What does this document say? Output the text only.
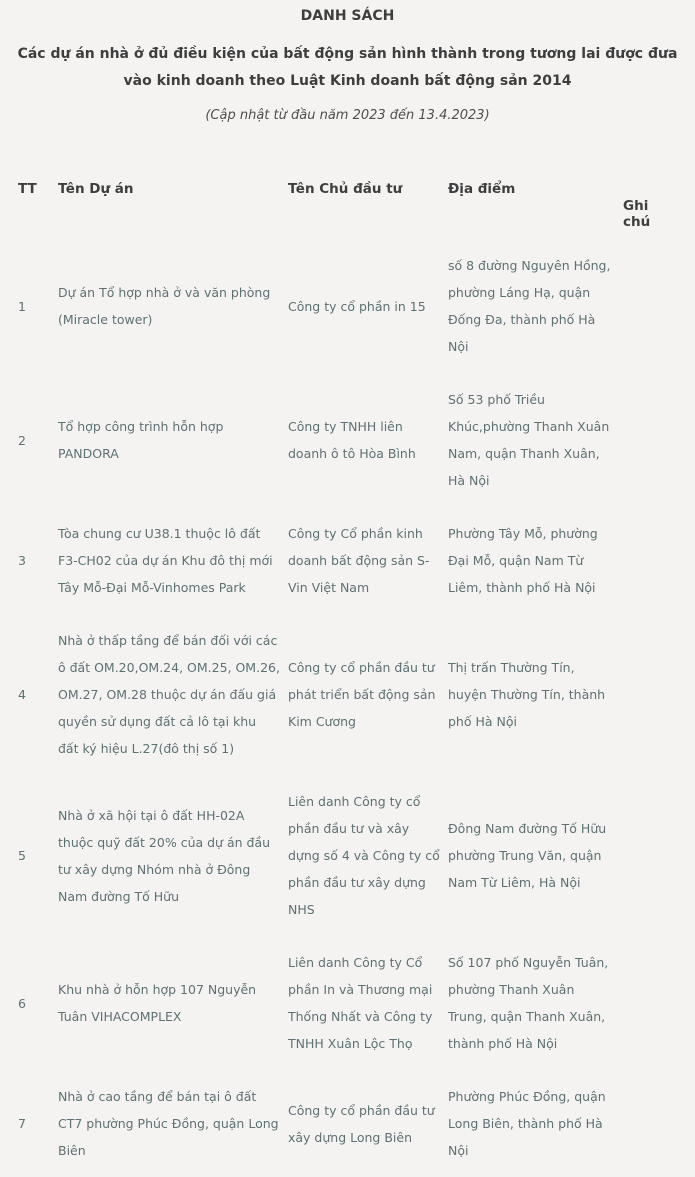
DANH SÁCH
Các dự án nhà ở đủ điều kiện của bất động sản hình thành trong tương lai được đưa vào kinh doanh theo Luật Kinh doanh bất động sản 2014

(Cập nhật từ đầu năm 2023 đến 13.4.2023)

TT	Tên Dự án	Tên Chủ đầu tư	Địa điểm	Ghi chú
1	Dự án Tổ hợp nhà ở và văn phòng (Miracle tower)	Công ty cổ phần in 15	số 8 đường Nguyên Hồng, phường Láng Hạ, quận Đống Đa, thành phố Hà Nội	
2	Tổ hợp công trình hỗn hợp PANDORA	Công ty TNHH liên doanh ô tô Hòa Bình	Số 53 phố Triều Khúc,phường Thanh Xuân Nam, quận Thanh Xuân, Hà Nội	
3	Tòa chung cư U38.1 thuộc lô đất F3-CH02 của dự án Khu đô thị mới Tây Mỗ-Đại Mỗ-Vinhomes Park	Công ty Cổ phần kinh doanh bất động sản S-Vin Việt Nam	Phường Tây Mỗ, phường Đại Mỗ, quận Nam Từ Liêm, thành phố Hà Nội	
4	Nhà ở thấp tầng để bán đối với các ô đất OM.20,OM.24, OM.25, OM.26, OM.27, OM.28 thuộc dự án đấu giá quyền sử dụng đất cả lô tại khu đất ký hiệu L.27(đô thị số 1)	Công ty cổ phần đầu tư phát triển bất động sản Kim Cương	Thị trấn Thường Tín, huyện Thường Tín, thành phố Hà Nội	
5	Nhà ở xã hội tại ô đất HH-02A thuộc quỹ đất 20% của dự án đầu tư xây dựng Nhóm nhà ở Đông Nam đường Tố Hữu	Liên danh Công ty cổ phần đầu tư và xây dựng số 4 và Công ty cổ phần đầu tư xây dựng NHS	Đông Nam đường Tố Hữu phường Trung Văn, quận Nam Từ Liêm, Hà Nội	
6	Khu nhà ở hỗn hợp 107 Nguyễn Tuân VIHACOMPLEX	Liên danh Công ty Cổ phần In và Thương mại Thống Nhất và Công ty TNHH Xuân Lộc Thọ	Số 107 phố Nguyễn Tuân, phường Thanh Xuân Trung, quận Thanh Xuân, thành phố Hà Nội	
7	Nhà ở cao tầng để bán tại ô đất CT7 phường Phúc Đồng, quận Long Biên	Công ty cổ phần đầu tư xây dựng Long Biên	Phường Phúc Đồng, quận Long Biên, thành phố Hà Nội	
